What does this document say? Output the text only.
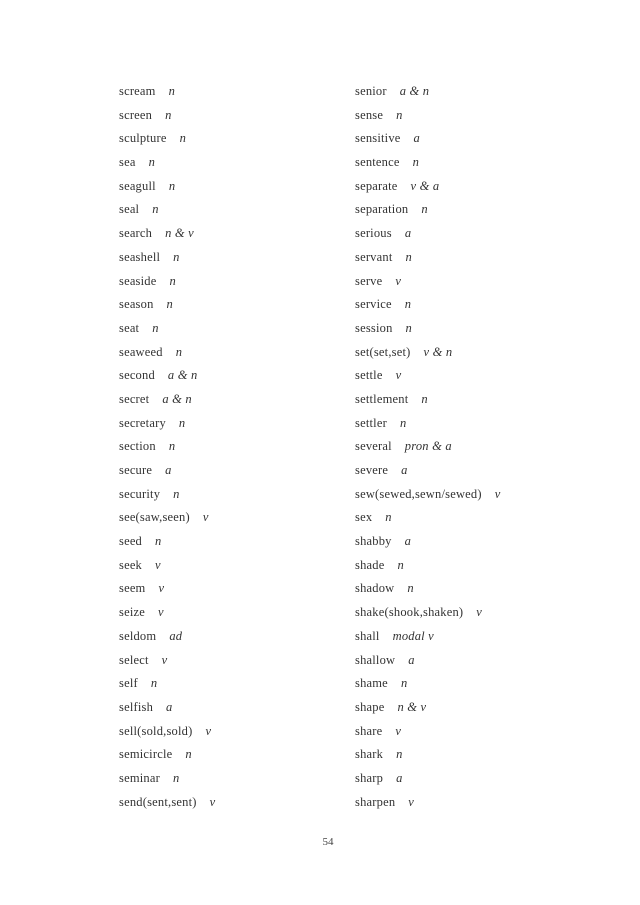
scream n
screen n
sculpture n
sea n
seagull n
seal n
search n & v
seashell n
seaside n
season n
seat n
seaweed n
second a & n
secret a & n
secretary n
section n
secure a
security n
see(saw,seen) v
seed n
seek v
seem v
seize v
seldom ad
select v
self n
selfish a
sell(sold,sold) v
semicircle n
seminar n
send(sent,sent) v
senior a & n
sense n
sensitive a
sentence n
separate v & a
separation n
serious a
servant n
serve v
service n
session n
set(set,set) v & n
settle v
settlement n
settler n
several pron & a
severe a
sew(sewed,sewn/sewed) v
sex n
shabby a
shade n
shadow n
shake(shook,shaken) v
shall modal v
shallow a
shame n
shape n & v
share v
shark n
sharp a
sharpen v
54
